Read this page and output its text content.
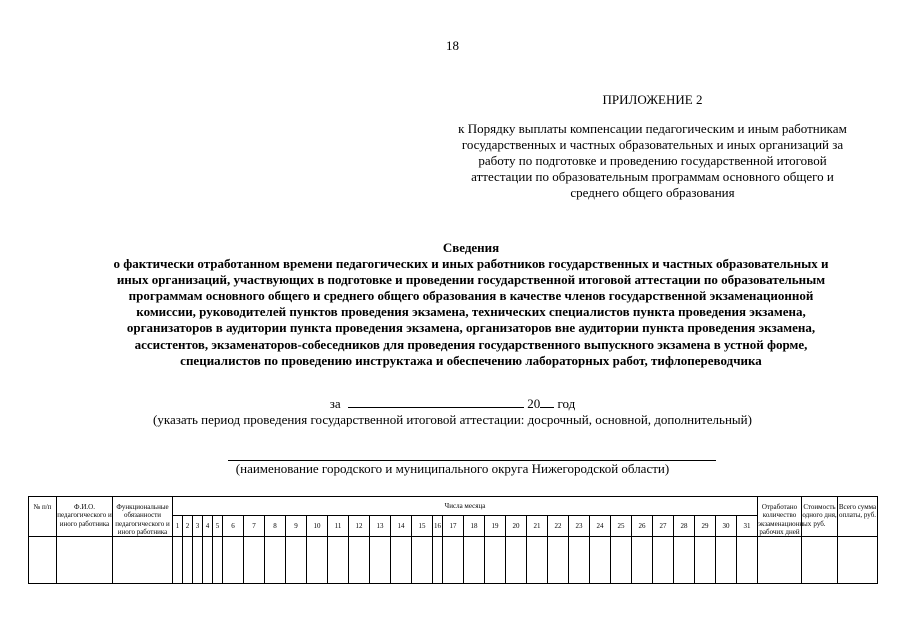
18
ПРИЛОЖЕНИЕ 2
к Порядку выплаты компенсации педагогическим и иным работникам государственных и частных образовательных и иных организаций за работу по подготовке и проведению государственной итоговой аттестации по образовательным программам основного общего и среднего общего образования
Сведения
о фактически отработанном времени педагогических и иных работников государственных и частных образовательных и иных организаций, участвующих в подготовке и проведении государственной итоговой аттестации по образовательным программам основного общего и среднего общего образования в качестве членов государственной экзаменационной комиссии, руководителей пунктов проведения экзамена, технических специалистов пункта проведения экзамена, организаторов в аудитории пункта проведения экзамена, организаторов вне аудитории пункта проведения экзамена, ассистентов, экзаменаторов-собеседников для проведения государственного выпускного экзамена в устной форме, специалистов по проведению инструктажа и обеспечению лабораторных работ, тифлопереводчика
за	20 год
(указать период проведения государственной итоговой аттестации: досрочный, основной, дополнительный)
(наименование городского и муниципального округа Нижегородской области)
№ п/п	Ф.И.О. педагогического и иного работника	Функциональные обязанности педагогического и иного работника	Числа месяца																															Отработано количество экзаменационных рабочих дней	Стоимость одного дня, руб.	Всего сумма оплаты, руб.
			1	2	3	4	5	6	7	8	9	10	11	12	13	14	15	16	17	18	19	20	21	22	23	24	25	26	27	28	29	30	31			
